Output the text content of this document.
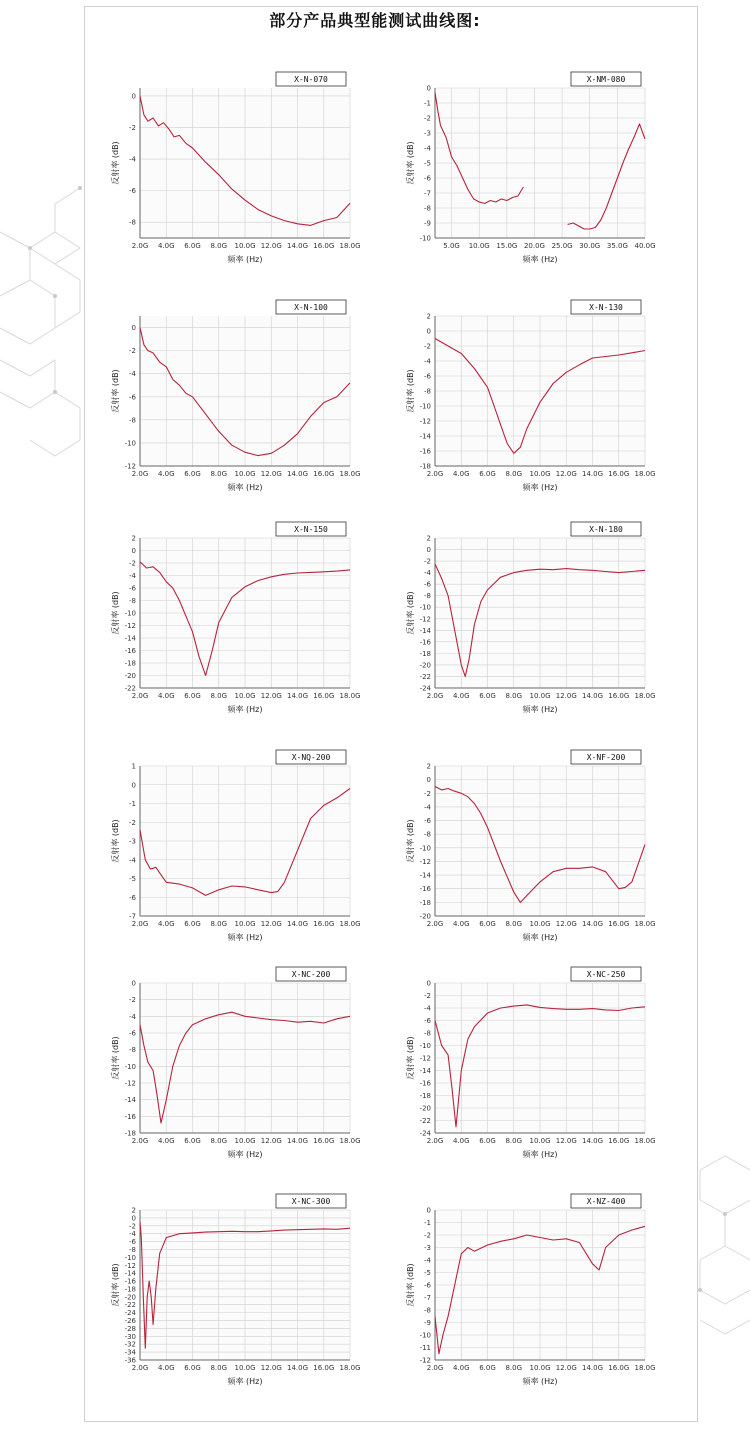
部分产品典型能测试曲线图:
2.0G 4.0G 6.0G 8.0G 10.0G 12.0G 14.0G 16.0G 18.0G
0
-2
-4
-6
-8
频率 (Hz)
反射率 (dB)
X-N-070
5.0G 10.0G 15.0G 20.0G 25.0G 30.0G 35.0G 40.0G
0
-1
-2
-3
-4
-5
-6
-7
-8
-9
-10
频率 (Hz)
反射率 (dB)
X-NM-080
2.0G 4.0G 6.0G 8.0G 10.0G 12.0G 14.0G 16.0G 18.0G
0
-2
-4
-6
-8
-10
-12
频率 (Hz)
反射率 (dB)
X-N-100
2.0G 4.0G 6.0G 8.0G 10.0G 12.0G 14.0G 16.0G 18.0G
2
0
-2
-4
-6
-8
-10
-12
-14
-16
-18
频率 (Hz)
反射率 (dB)
X-N-130
2.0G 4.0G 6.0G 8.0G 10.0G 12.0G 14.0G 16.0G 18.0G
2
0
-2
-4
-6
-8
-10
-12
-14
-16
-18
-20
-22
频率 (Hz)
反射率 (dB)
X-N-150
2.0G 4.0G 6.0G 8.0G 10.0G 12.0G 14.0G 16.0G 18.0G
2
0
-2
-4
-6
-8
-10
-12
-14
-16
-18
-20
-22
-24
频率 (Hz)
反射率 (dB)
X-N-180
2.0G 4.0G 6.0G 8.0G 10.0G 12.0G 14.0G 16.0G 18.0G
1
0
-1
-2
-3
-4
-5
-6
-7
频率 (Hz)
反射率 (dB)
X-NQ-200
2.0G 4.0G 6.0G 8.0G 10.0G 12.0G 14.0G 16.0G 18.0G
2
0
-2
-4
-6
-8
-10
-12
-14
-16
-18
-20
频率 (Hz)
反射率 (dB)
X-NF-200
2.0G 4.0G 6.0G 8.0G 10.0G 12.0G 14.0G 16.0G 18.0G
0
-2
-4
-6
-8
-10
-12
-14
-16
-18
频率 (Hz)
反射率 (dB)
X-NC-200
2.0G 4.0G 6.0G 8.0G 10.0G 12.0G 14.0G 16.0G 18.0G
0
-2
-4
-6
-8
-10
-12
-14
-16
-18
-20
-22
-24
频率 (Hz)
反射率 (dB)
X-NC-250
2.0G 4.0G 6.0G 8.0G 10.0G 12.0G 14.0G 16.0G 18.0G
2
0
-2
-4
-6
-8
-10
-12
-14
-16
-18
-20
-22
-24
-26
-28
-30
-32
-34
-36
频率 (Hz)
反射率 (dB)
X-NC-300
2.0G 4.0G 6.0G 8.0G 10.0G 12.0G 14.0G 16.0G 18.0G
0
-1
-2
-3
-4
-5
-6
-7
-8
-9
-10
-11
-12
频率 (Hz)
反射率 (dB)
X-NZ-400
